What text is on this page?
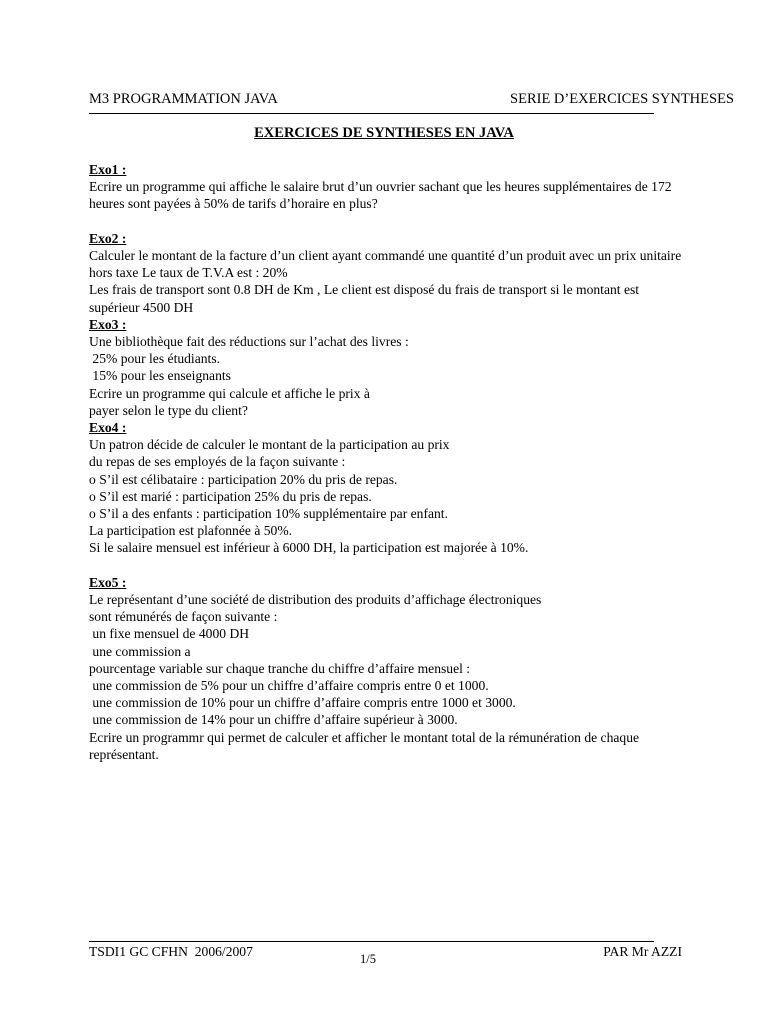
M3 PROGRAMMATION JAVA	SERIE D’EXERCICES SYNTHESES
EXERCICES DE SYNTHESES EN JAVA
Exo1 :
Ecrire un programme qui affiche le salaire brut d’un ouvrier sachant que les heures supplémentaires de 172
heures sont payées à 50% de tarifs d’horaire en plus?
Exo2 :
Calculer le montant de la facture d’un client ayant commandé une quantité d’un produit avec un prix unitaire
hors taxe Le taux de T.V.A est : 20%
Les frais de transport sont 0.8 DH de Km , Le client est disposé du frais de transport si le montant est
supérieur 4500 DH
Exo3 :
Une bibliothèque fait des réductions sur l’achat des livres :
25% pour les étudiants.
15% pour les enseignants
Ecrire un programme qui calcule et affiche le prix à
payer selon le type du client?
Exo4 :
Un patron décide de calculer le montant de la participation au prix
du repas de ses employés de la façon suivante :
o S’il est célibataire : participation 20% du pris de repas.
o S’il est marié : participation 25% du pris de repas.
o S’il a des enfants : participation 10% supplémentaire par enfant.
La participation est plafonnée à 50%.
Si le salaire mensuel est inférieur à 6000 DH, la participation est majorée à 10%.
Exo5 :
Le représentant d’une société de distribution des produits d’affichage électroniques
sont rémunérés de façon suivante :
un fixe mensuel de 4000 DH
une commission a
pourcentage variable sur chaque tranche du chiffre d’affaire mensuel :
une commission de 5% pour un chiffre d’affaire compris entre 0 et 1000.
une commission de 10% pour un chiffre d’affaire compris entre 1000 et 3000.
une commission de 14% pour un chiffre d’affaire supérieur à 3000.
Ecrire un programmr qui permet de calculer et afficher le montant total de la rémunération de chaque
représentant.
TSDI1 GC CFHN  2006/2007	1/5	PAR Mr AZZI
